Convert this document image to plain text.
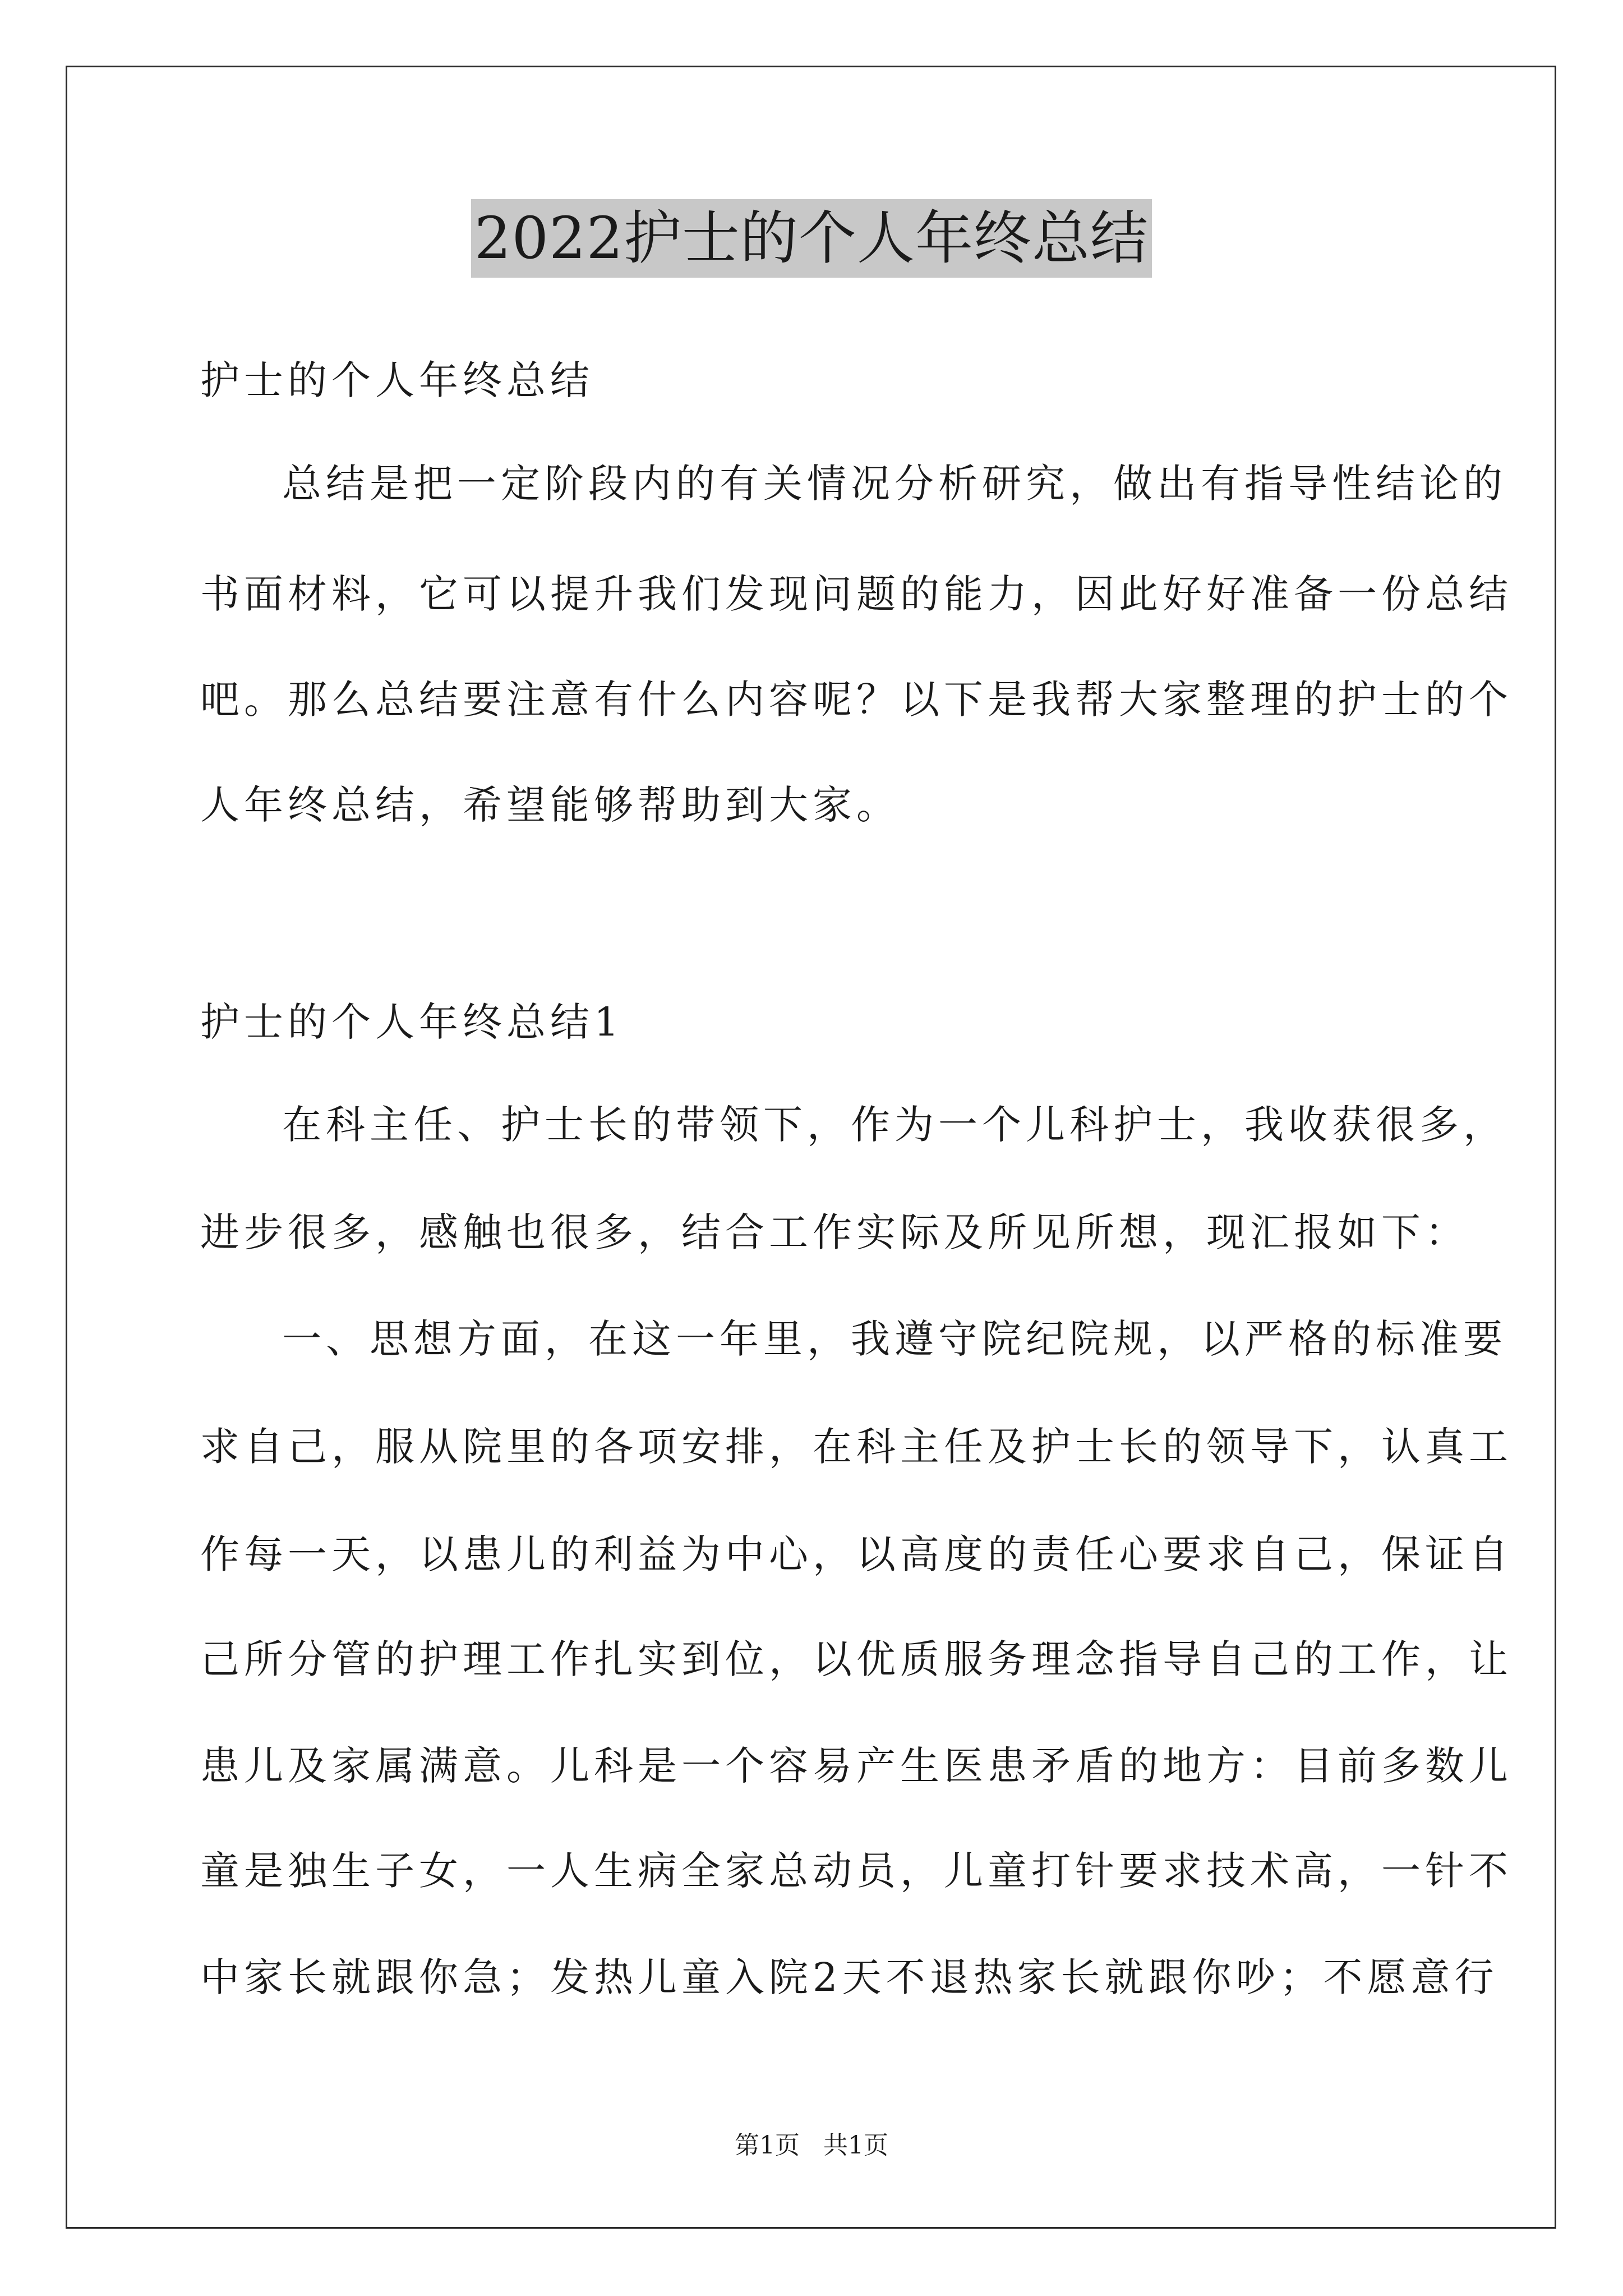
2022护士的个人年终总结
护士的个人年终总结
总结是把一定阶段内的有关情况分析研究，做出有指导性结论的
书面材料，它可以提升我们发现问题的能力，因此好好准备一份总结
吧。那么总结要注意有什么内容呢？以下是我帮大家整理的护士的个
人年终总结，希望能够帮助到大家。
护士的个人年终总结1
在科主任、护士长的带领下，作为一个儿科护士，我收获很多，
进步很多，感触也很多，结合工作实际及所见所想，现汇报如下：
一、思想方面，在这一年里，我遵守院纪院规，以严格的标准要
求自己，服从院里的各项安排，在科主任及护士长的领导下，认真工
作每一天，以患儿的利益为中心，以高度的责任心要求自己，保证自
己所分管的护理工作扎实到位，以优质服务理念指导自己的工作，让
患儿及家属满意。儿科是一个容易产生医患矛盾的地方：目前多数儿
童是独生子女，一人生病全家总动员，儿童打针要求技术高，一针不
中家长就跟你急；发热儿童入院2天不退热家长就跟你吵；不愿意行
第1页   共1页
